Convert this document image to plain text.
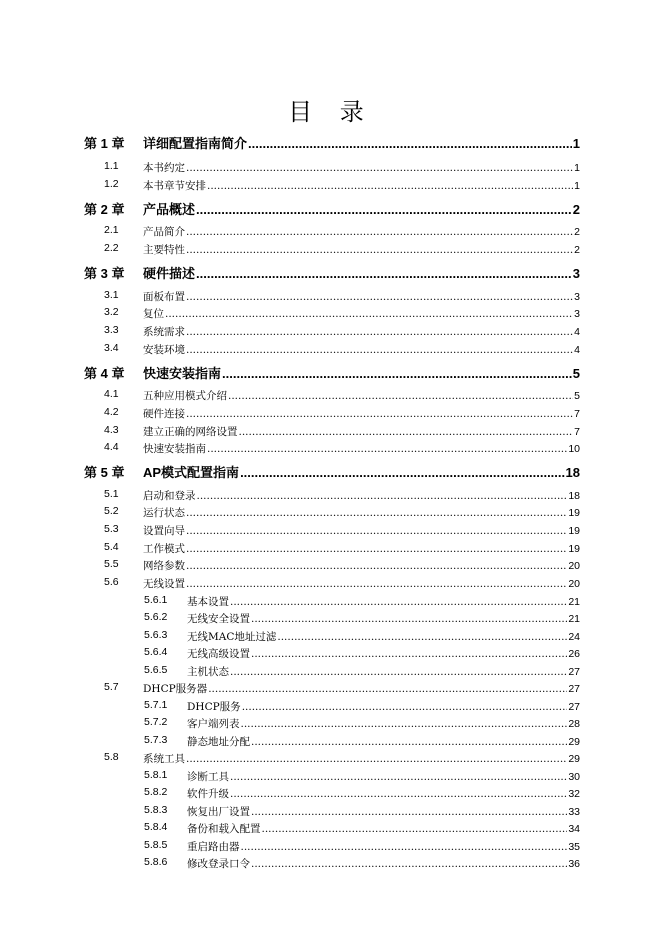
目 录
第 1 章 详细配置指南简介 .....	1
1.1 本书约定 .....	1
1.2 本书章节安排 .....	1
第 2 章 产品概述 .....	2
2.1 产品简介 .....	2
2.2 主要特性 .....	2
第 3 章 硬件描述 .....	3
3.1 面板布置 .....	3
3.2 复位 .....	3
3.3 系统需求 .....	4
3.4 安装环境 .....	4
第 4 章 快速安装指南 .....	5
4.1 五种应用模式介绍 .....	5
4.2 硬件连接 .....	7
4.3 建立正确的网络设置 .....	7
4.4 快速安装指南 .....	10
第 5 章 AP模式配置指南 .....	18
5.1 启动和登录 .....	18
5.2 运行状态 .....	19
5.3 设置向导 .....	19
5.4 工作模式 .....	19
5.5 网络参数 .....	20
5.6 无线设置 .....	20
5.6.1 基本设置 .....	21
5.6.2 无线安全设置 .....	21
5.6.3 无线MAC地址过滤 .....	24
5.6.4 无线高级设置 .....	26
5.6.5 主机状态 .....	27
5.7 DHCP服务器 .....	27
5.7.1 DHCP服务 .....	27
5.7.2 客户端列表 .....	28
5.7.3 静态地址分配 .....	29
5.8 系统工具 .....	29
5.8.1 诊断工具 .....	30
5.8.2 软件升级 .....	32
5.8.3 恢复出厂设置 .....	33
5.8.4 备份和载入配置 .....	34
5.8.5 重启路由器 .....	35
5.8.6 修改登录口令 .....	36
